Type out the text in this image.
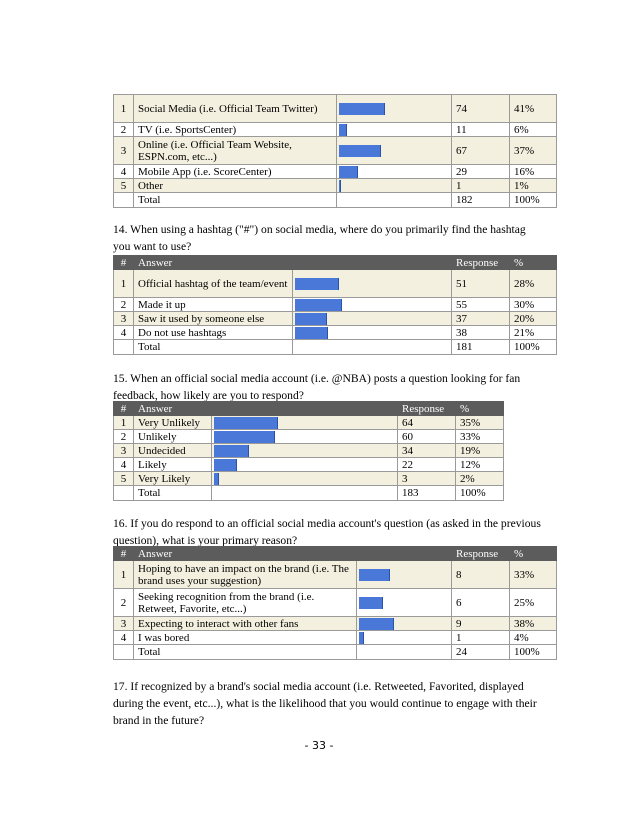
1	Social Media (i.e. Official Team Twitter)		74	41%
2	TV (i.e. SportsCenter)		11	6%
3	Online (i.e. Official Team Website, ESPN.com, etc...)		67	37%
4	Mobile App (i.e. ScoreCenter)		29	16%
5	Other		1	1%
	Total		182	100%
14. When using a hashtag ("#") on social media, where do you primarily find the hashtag you want to use?
#	Answer		Response	%
1	Official hashtag of the team/event		51	28%
2	Made it up		55	30%
3	Saw it used by someone else		37	20%
4	Do not use hashtags		38	21%
	Total		181	100%
15. When an official social media account (i.e. @NBA) posts a question looking for fan feedback, how likely are you to respond?
#	Answer		Response	%
1	Very Unlikely		64	35%
2	Unlikely		60	33%
3	Undecided		34	19%
4	Likely		22	12%
5	Very Likely		3	2%
	Total		183	100%
16. If you do respond to an official social media account's question (as asked in the previous question), what is your primary reason?
#	Answer		Response	%
1	Hoping to have an impact on the brand (i.e. The brand uses your suggestion)		8	33%
2	Seeking recognition from the brand (i.e. Retweet, Favorite, etc...)		6	25%
3	Expecting to interact with other fans		9	38%
4	I was bored		1	4%
	Total		24	100%
17. If recognized by a brand's social media account (i.e. Retweeted, Favorited, displayed during the event, etc...), what is the likelihood that you would continue to engage with their brand in the future?
- 33 -
